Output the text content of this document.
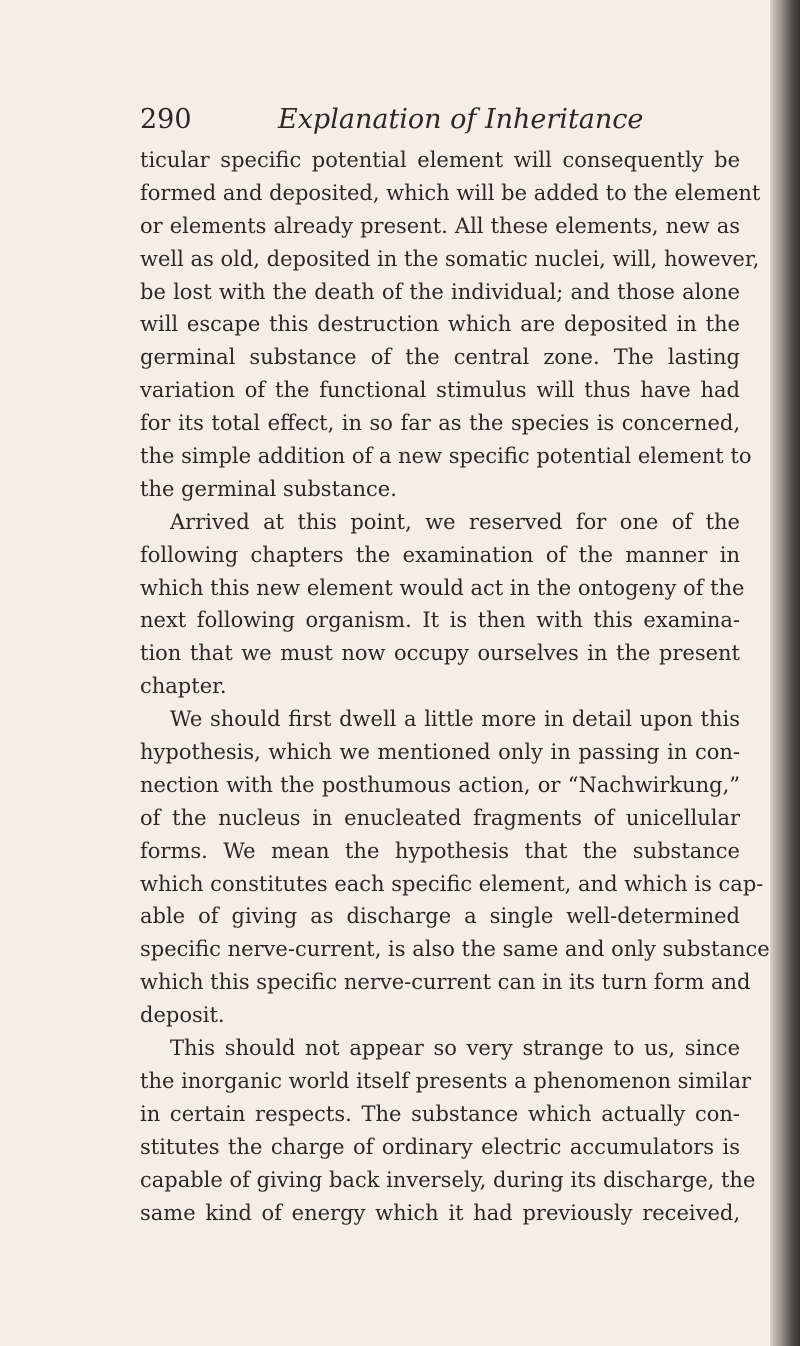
290	Explanation of Inheritance
ticular specific potential element will consequently be
formed and deposited, which will be added to the element
or elements already present. All these elements, new as
well as old, deposited in the somatic nuclei, will, however,
be lost with the death of the individual; and those alone
will escape this destruction which are deposited in the
germinal substance of the central zone. The lasting
variation of the functional stimulus will thus have had
for its total effect, in so far as the species is concerned,
the simple addition of a new specific potential element to
the germinal substance.
Arrived at this point, we reserved for one of the
following chapters the examination of the manner in
which this new element would act in the ontogeny of the
next following organism. It is then with this examina-
tion that we must now occupy ourselves in the present
chapter.
We should first dwell a little more in detail upon this
hypothesis, which we mentioned only in passing in con-
nection with the posthumous action, or “Nachwirkung,”
of the nucleus in enucleated fragments of unicellular
forms. We mean the hypothesis that the substance
which constitutes each specific element, and which is cap-
able of giving as discharge a single well-determined
specific nerve-current, is also the same and only substance
which this specific nerve-current can in its turn form and
deposit.
This should not appear so very strange to us, since
the inorganic world itself presents a phenomenon similar
in certain respects. The substance which actually con-
stitutes the charge of ordinary electric accumulators is
capable of giving back inversely, during its discharge, the
same kind of energy which it had previously received,
